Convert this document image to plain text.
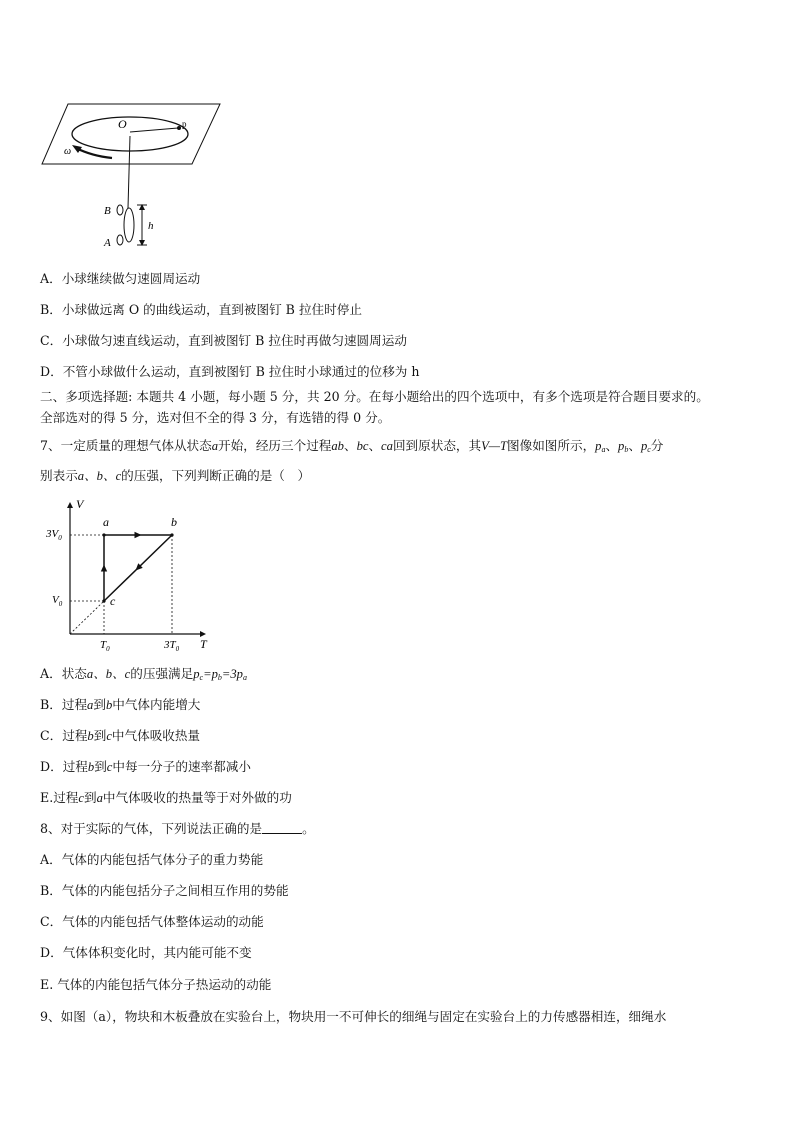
O	p
ω
B
A
h
A．小球继续做匀速圆周运动
B．小球做远离 O 的曲线运动，直到被图钉 B 拉住时停止
C．小球做匀速直线运动，直到被图钉 B 拉住时再做匀速圆周运动
D．不管小球做什么运动，直到被图钉 B 拉住时小球通过的位移为 h
二、多项选择题: 本题共 4 小题，每小题 5 分，共 20 分。在每小题给出的四个选项中，有多个选项是符合题目要求的。
全部选对的得 5 分，选对但不全的得 3 分，有选错的得 0 分。
7、一定质量的理想气体从状态a开始，经历三个过程ab、bc、ca回到原状态，其V—T图像如图所示，$p_a$、$p_b$、$p_c$分
别表示a、b、c的压强，下列判断正确的是（　）
V
T
$V_0$
$3V_0$
$T_0$	$3T_0$
a	b
c
A．状态a、b、c的压强满足$p_c=p_b=3p_a$
B．过程a到b中气体内能增大
C．过程b到c中气体吸收热量
D．过程b到c中每一分子的速率都减小
E.过程c到a中气体吸收的热量等于对外做的功
8、对于实际的气体，下列说法正确的是	。
A．气体的内能包括气体分子的重力势能
B．气体的内能包括分子之间相互作用的势能
C．气体的内能包括气体整体运动的动能
D．气体体积变化时，其内能可能不变
E. 气体的内能包括气体分子热运动的动能
9、如图（a），物块和木板叠放在实验台上，物块用一不可伸长的细绳与固定在实验台上的力传感器相连，细绳水
